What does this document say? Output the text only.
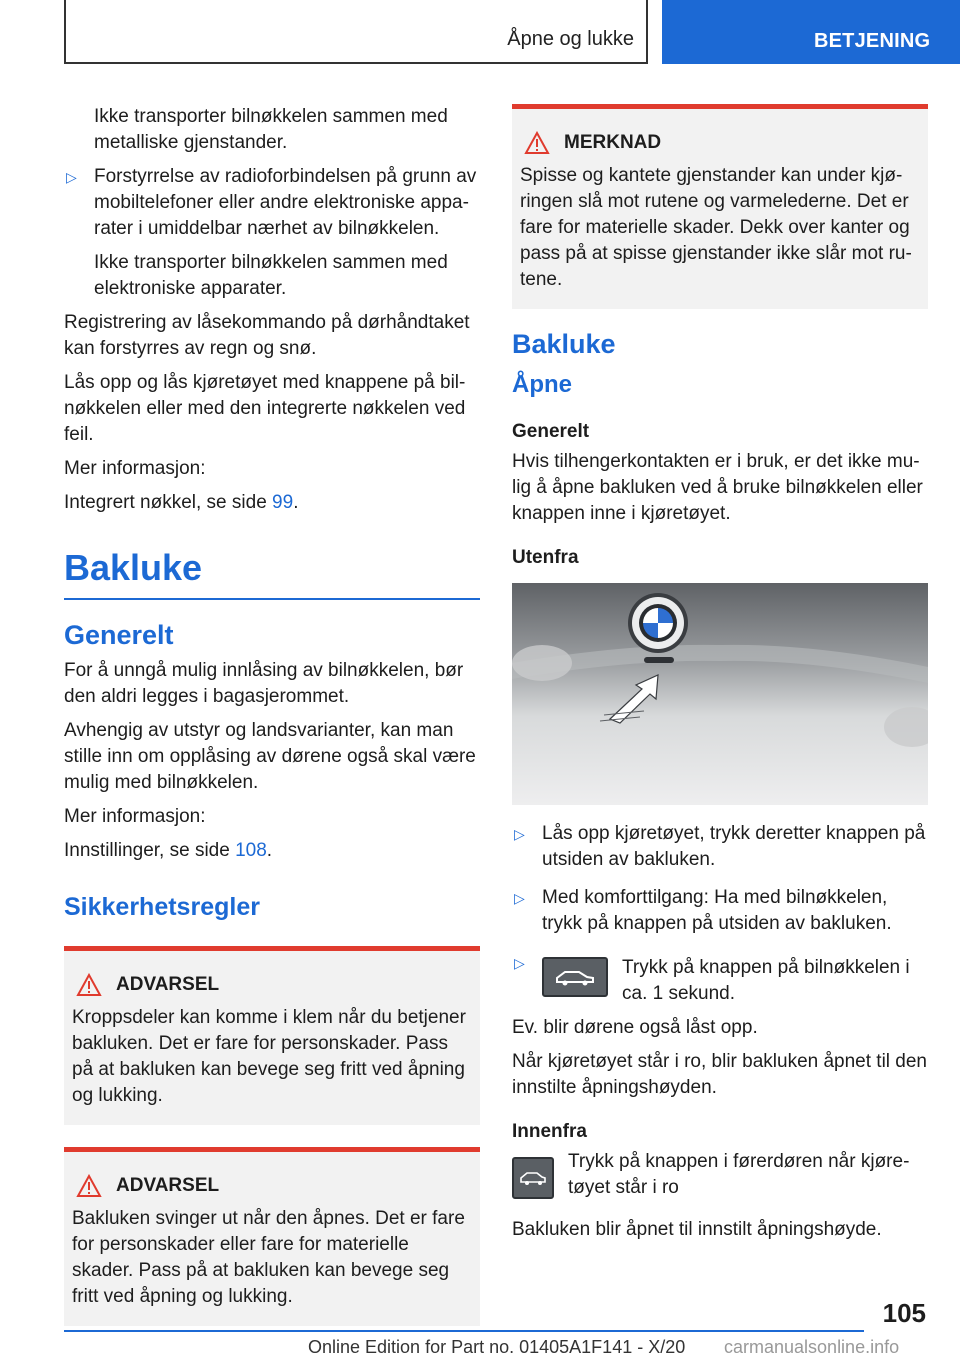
Åpne og lukke	BETJENING

Ikke transporter bilnøkkelen sammen med metalliske gjenstander.

▷ Forstyrrelse av radioforbindelsen på grunn av mobiltelefoner eller andre elektroniske appa-rater i umiddelbar nærhet av bilnøkkelen.

Ikke transporter bilnøkkelen sammen med elektroniske apparater.

Registrering av låsekommando på dørhåndtaket kan forstyrres av regn og snø.

Lås opp og lås kjøretøyet med knappene på bil-nøkkelen eller med den integrerte nøkkelen ved feil.

Mer informasjon:

Integrert nøkkel, se side 99.

Bakluke
Generelt

For å unngå mulig innlåsing av bilnøkkelen, bør den aldri legges i bagasjerommet.

Avhengig av utstyr og landsvarianter, kan man stille inn om opplåsing av dørene også skal være mulig med bilnøkkelen.

Mer informasjon:

Innstillinger, se side 108.

Sikkerhetsregler
ADVARSEL

Kroppsdeler kan komme i klem når du betjener bakluken. Det er fare for personskader. Pass på at bakluken kan bevege seg fritt ved åpning og lukking.

ADVARSEL

Bakluken svinger ut når den åpnes. Det er fare for personskader eller fare for materielle skader. Pass på at bakluken kan bevege seg fritt ved åpning og lukking.

MERKNAD

Spisse og kantete gjenstander kan under kjø-ringen slå mot rutene og varmelederne. Det er fare for materielle skader. Dekk over kanter og pass på at spisse gjenstander ikke slår mot ru-tene.

Bakluke
Åpne
Generelt

Hvis tilhengerkontakten er i bruk, er det ikke mu-lig å åpne bakluken ved å bruke bilnøkkelen eller knappen inne i kjøretøyet.

Utenfra

▷ Lås opp kjøretøyet, trykk deretter knappen på utsiden av bakluken.

▷ Med komforttilgang: Ha med bilnøkkelen, trykk på knappen på utsiden av bakluken.

▷	Trykk på knappen på bilnøkkelen i ca. 1 sekund.

Ev. blir dørene også låst opp.

Når kjøretøyet står i ro, blir bakluken åpnet til den innstilte åpningshøyden.

Innenfra
Trykk på knappen i førerdøren når kjøre-tøyet står i ro

Bakluken blir åpnet til innstilt åpningshøyde.

105
Online Edition for Part no. 01405A1F141 - X/20 carmanualsonline.info
